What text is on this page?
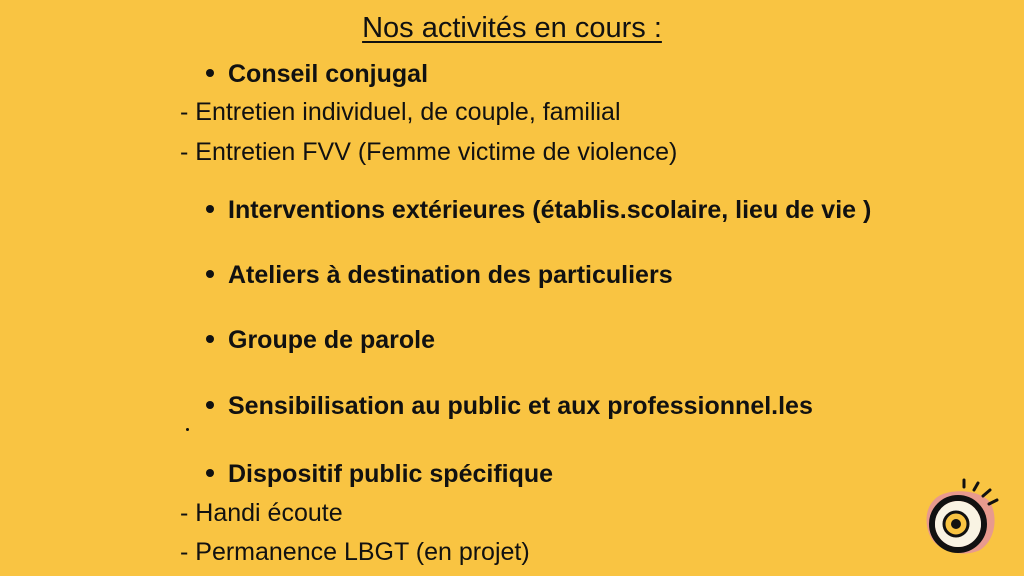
Nos activités en cours :
Conseil conjugal
- Entretien individuel, de couple, familial
- Entretien FVV (Femme victime de violence)
Interventions extérieures (établis.scolaire, lieu de vie )
Ateliers à destination des particuliers
Groupe de parole
Sensibilisation au public et aux professionnel.les
Dispositif public spécifique
- Handi écoute
- Permanence LBGT (en projet)
